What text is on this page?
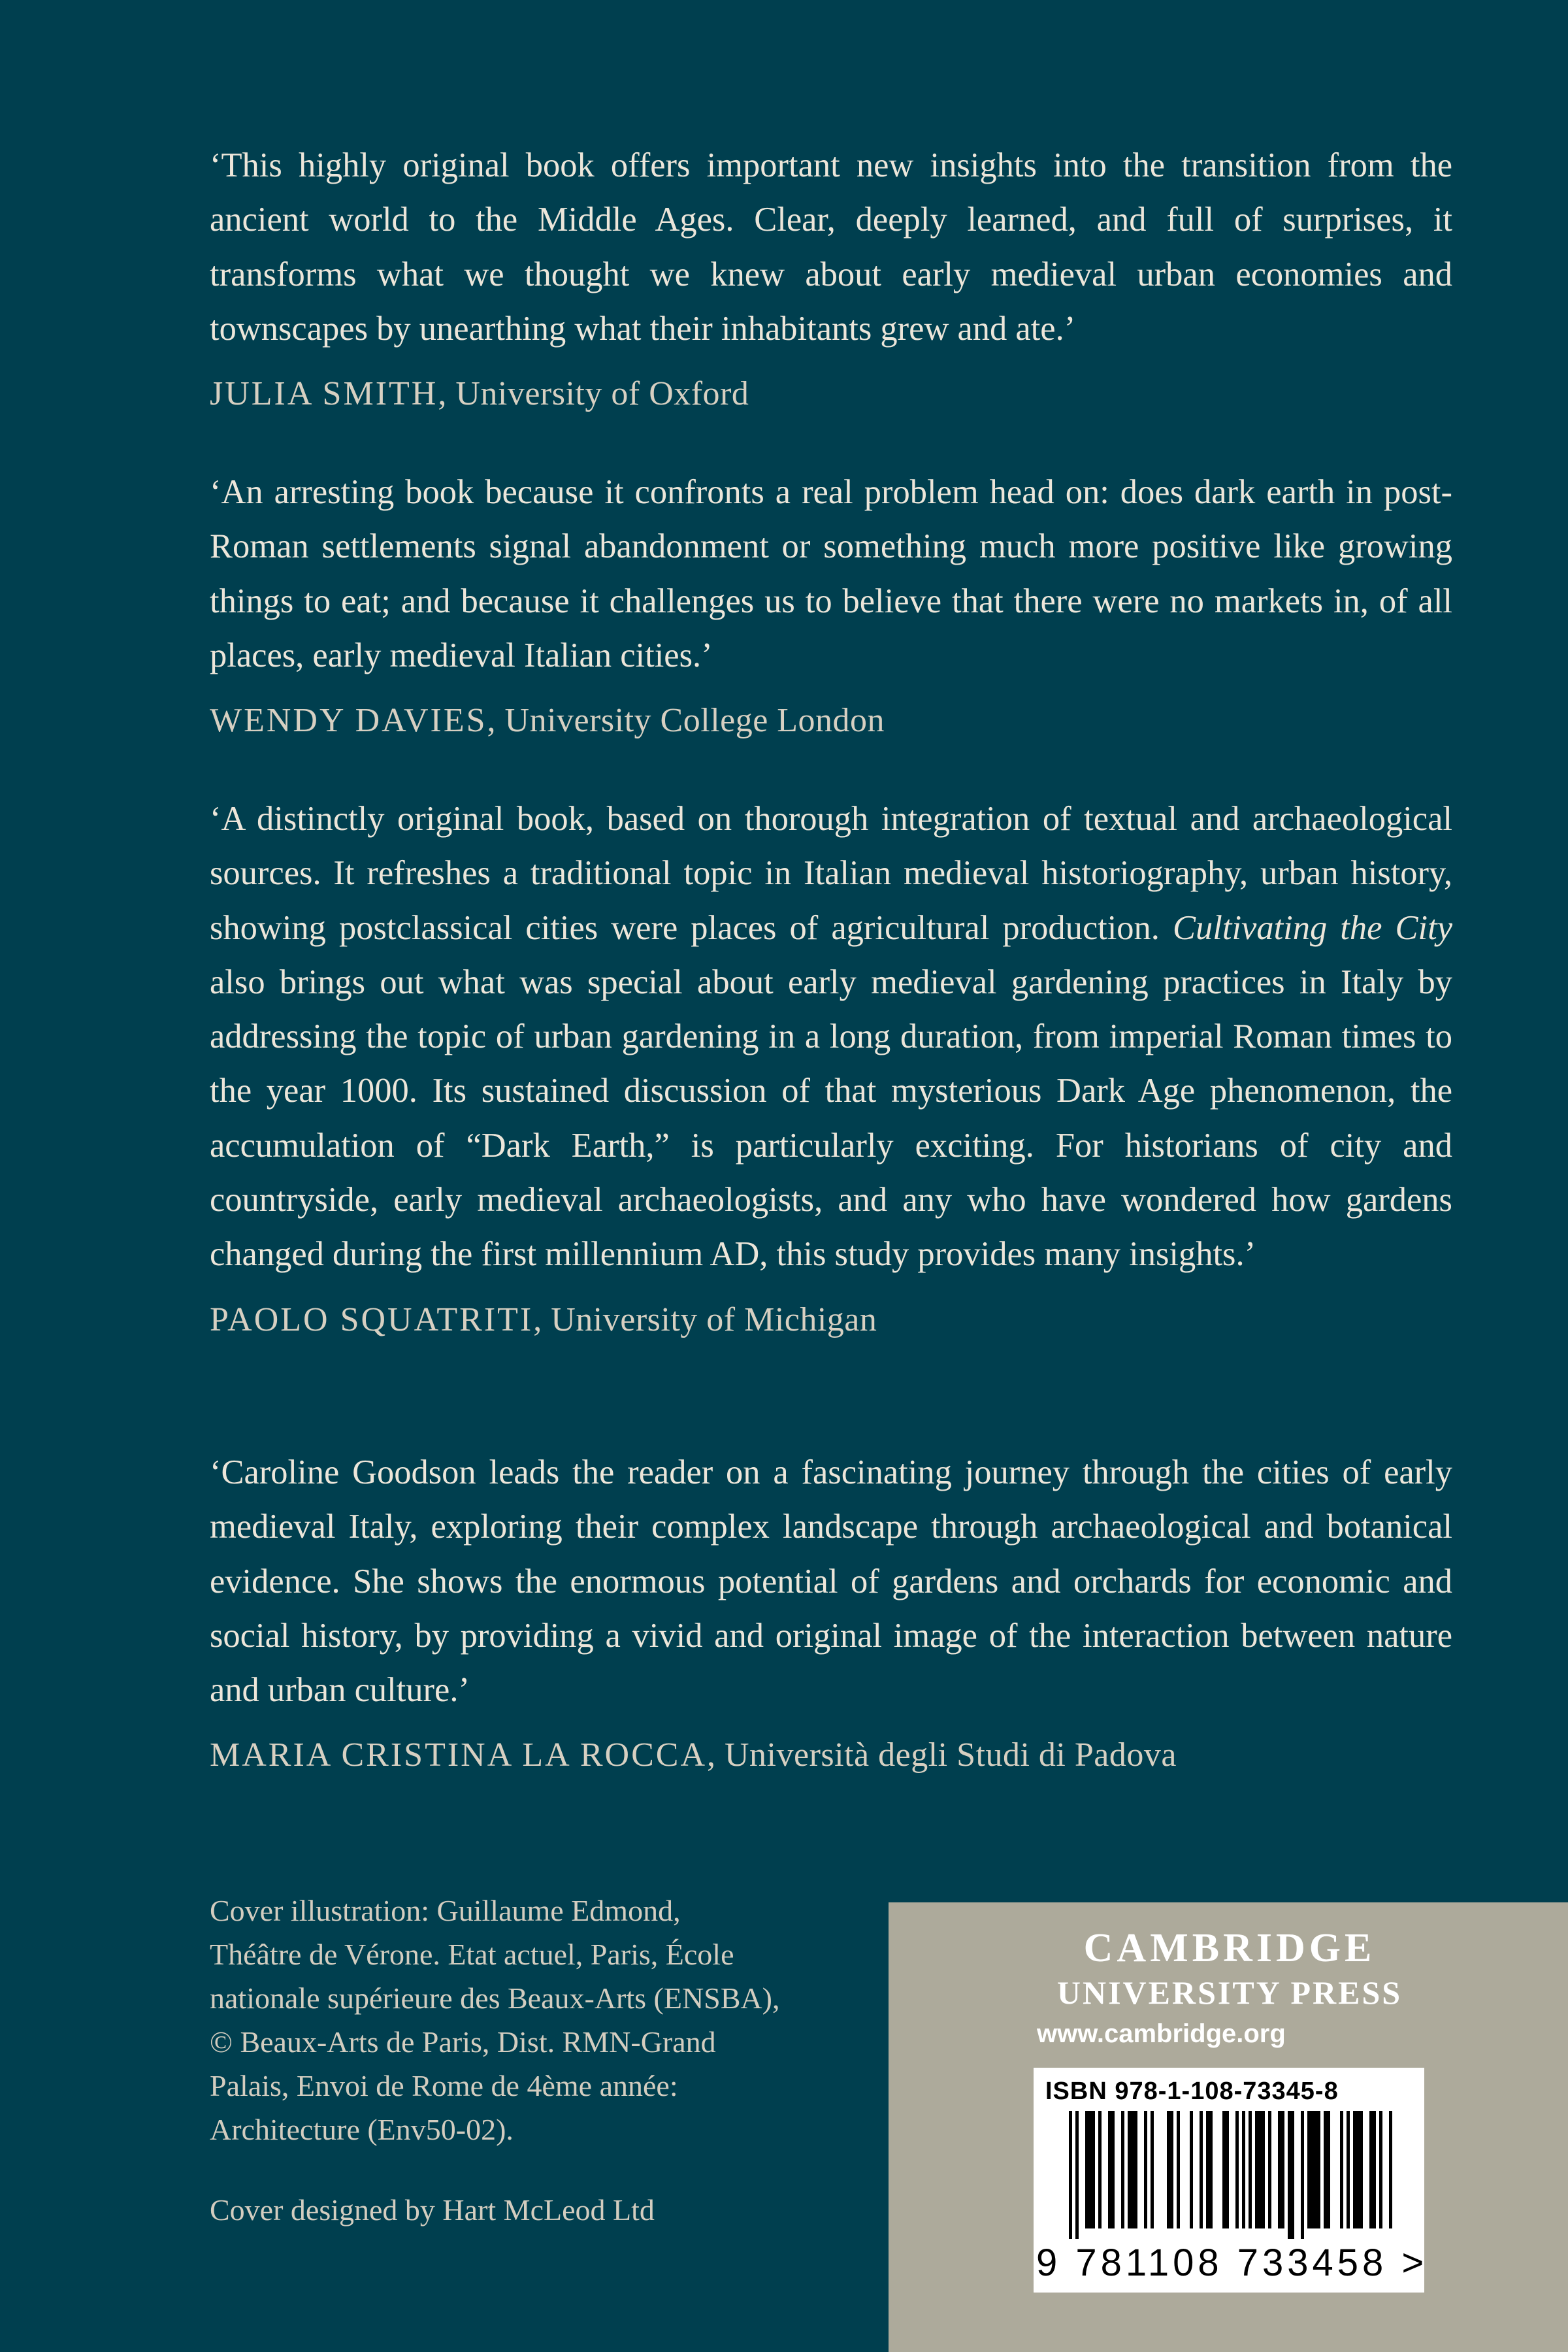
‘This highly original book offers important new insights into the transition from the ancient world to the Middle Ages. Clear, deeply learned, and full of surprises, it transforms what we thought we knew about early medieval urban economies and townscapes by unearthing what their inhabitants grew and ate.’

JULIA SMITH, University of Oxford

‘An arresting book because it confronts a real problem head on: does dark earth in post-Roman settlements signal abandonment or something much more positive like growing things to eat; and because it challenges us to believe that there were no markets in, of all places, early medieval Italian cities.’

WENDY DAVIES, University College London

‘A distinctly original book, based on thorough integration of textual and archaeological sources. It refreshes a traditional topic in Italian medieval historiography, urban history, showing postclassical cities were places of agricultural production. Cultivating the City also brings out what was special about early medieval gardening practices in Italy by addressing the topic of urban gardening in a long duration, from imperial Roman times to the year 1000. Its sustained discussion of that mysterious Dark Age phenomenon, the accumulation of “Dark Earth,” is particularly exciting. For historians of city and countryside, early medieval archaeologists, and any who have wondered how gardens changed during the first millennium AD, this study provides many insights.’

PAOLO SQUATRITI, University of Michigan

‘Caroline Goodson leads the reader on a fascinating journey through the cities of early medieval Italy, exploring their complex landscape through archaeological and botanical evidence. She shows the enormous potential of gardens and orchards for economic and social history, by providing a vivid and original image of the interaction between nature and urban culture.’

MARIA CRISTINA LA ROCCA, Università degli Studi di Padova
Cover illustration: Guillaume Edmond,
Théâtre de Vérone. Etat actuel, Paris, École
nationale supérieure des Beaux-Arts (ENSBA),
© Beaux-Arts de Paris, Dist. RMN-Grand
Palais, Envoi de Rome de 4ème année:
Architecture (Env50-02).
Cover designed by Hart McLeod Ltd
CAMBRIDGE
UNIVERSITY PRESS
www.cambridge.org
ISBN 978-1-108-73345-8
9 781108 733458 >
